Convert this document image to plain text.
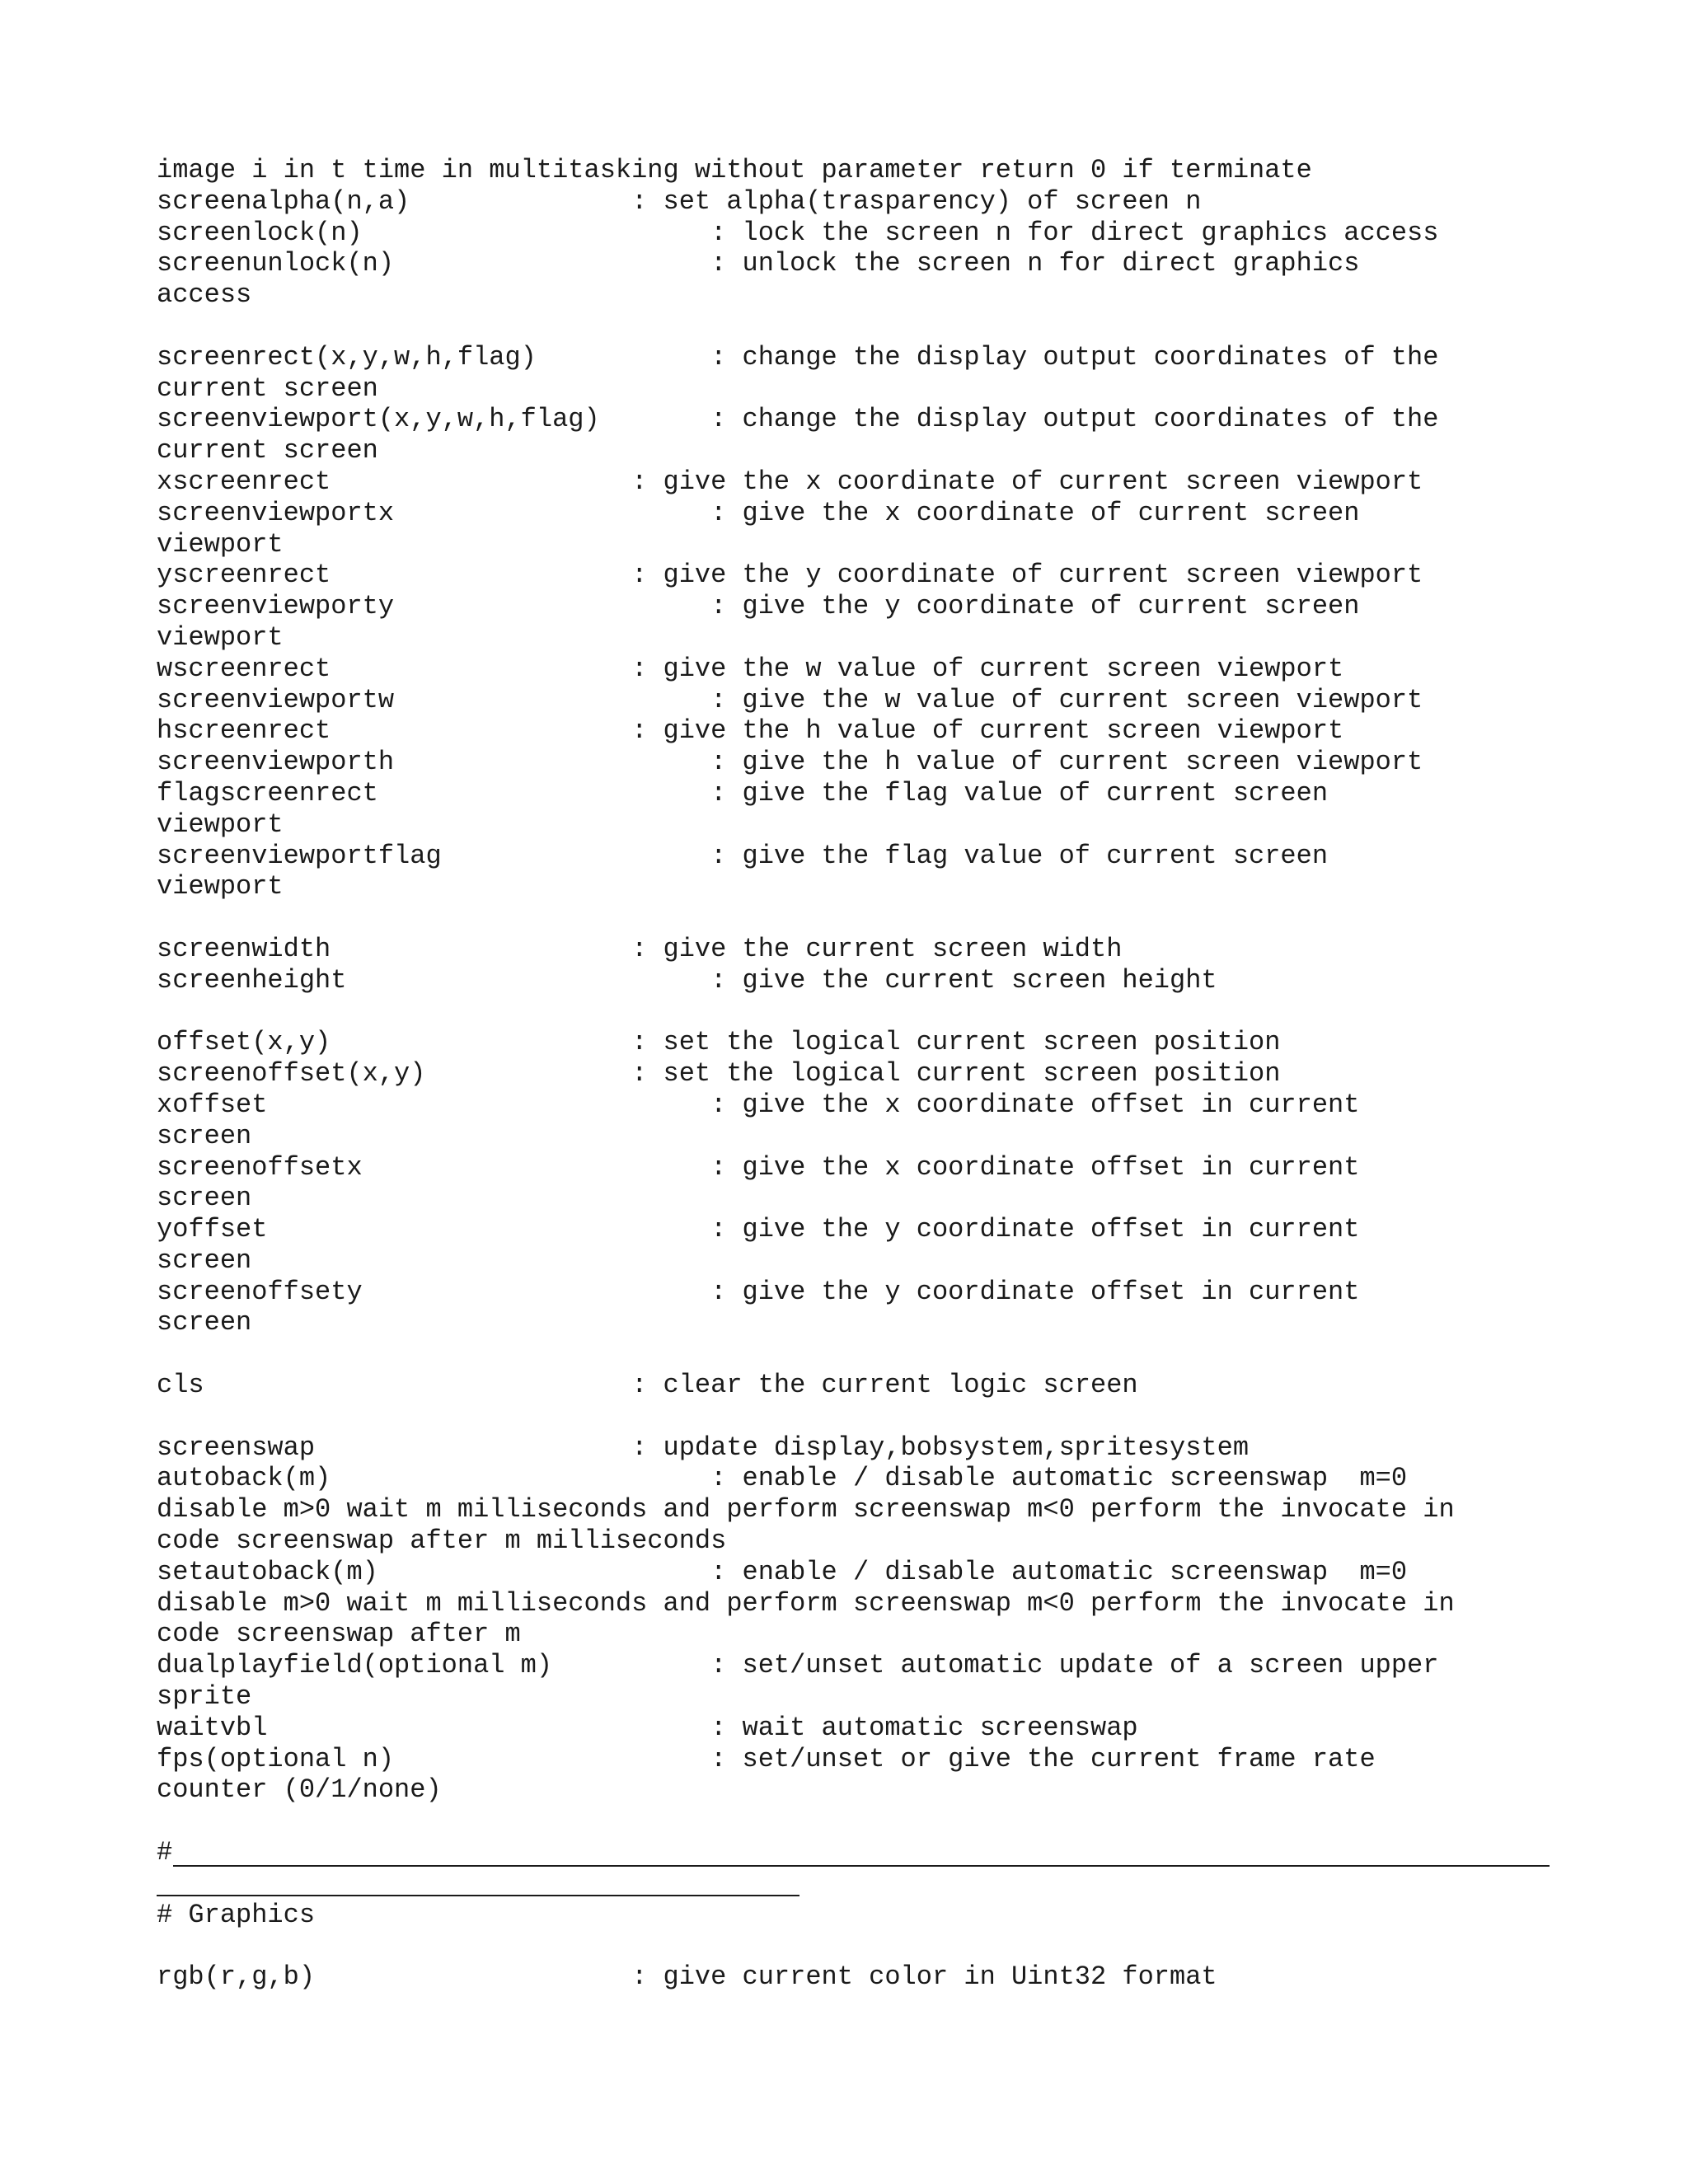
image i in t time in multitasking without parameter return 0 if terminate
screenalpha(n,a)              : set alpha(trasparency) of screen n
screenlock(n)                      : lock the screen n for direct graphics access
screenunlock(n)                    : unlock the screen n for direct graphics
access
screenrect(x,y,w,h,flag)           : change the display output coordinates of the
current screen
screenviewport(x,y,w,h,flag)       : change the display output coordinates of the
current screen
xscreenrect                   : give the x coordinate of current screen viewport
screenviewportx                    : give the x coordinate of current screen
viewport
yscreenrect                   : give the y coordinate of current screen viewport
screenviewporty                    : give the y coordinate of current screen
viewport
wscreenrect                   : give the w value of current screen viewport
screenviewportw                    : give the w value of current screen viewport
hscreenrect                   : give the h value of current screen viewport
screenviewporth                    : give the h value of current screen viewport
flagscreenrect                     : give the flag value of current screen
viewport
screenviewportflag                 : give the flag value of current screen
viewport
screenwidth                   : give the current screen width
screenheight                       : give the current screen height
offset(x,y)                   : set the logical current screen position
screenoffset(x,y)             : set the logical current screen position
xoffset                            : give the x coordinate offset in current
screen
screenoffsetx                      : give the x coordinate offset in current
screen
yoffset                            : give the y coordinate offset in current
screen
screenoffsety                      : give the y coordinate offset in current
screen
cls                           : clear the current logic screen
screenswap                    : update display,bobsystem,spritesystem
autoback(m)                        : enable / disable automatic screenswap  m=0
disable m>0 wait m milliseconds and perform screenswap m<0 perform the invocate in
code screenswap after m milliseconds
setautoback(m)                     : enable / disable automatic screenswap  m=0
disable m>0 wait m milliseconds and perform screenswap m<0 perform the invocate in
code screenswap after m
dualplayfield(optional m)          : set/unset automatic update of a screen upper
sprite
waitvbl                            : wait automatic screenswap
fps(optional n)                    : set/unset or give the current frame rate
counter (0/1/none)

#

# Graphics
rgb(r,g,b)                    : give current color in Uint32 format
